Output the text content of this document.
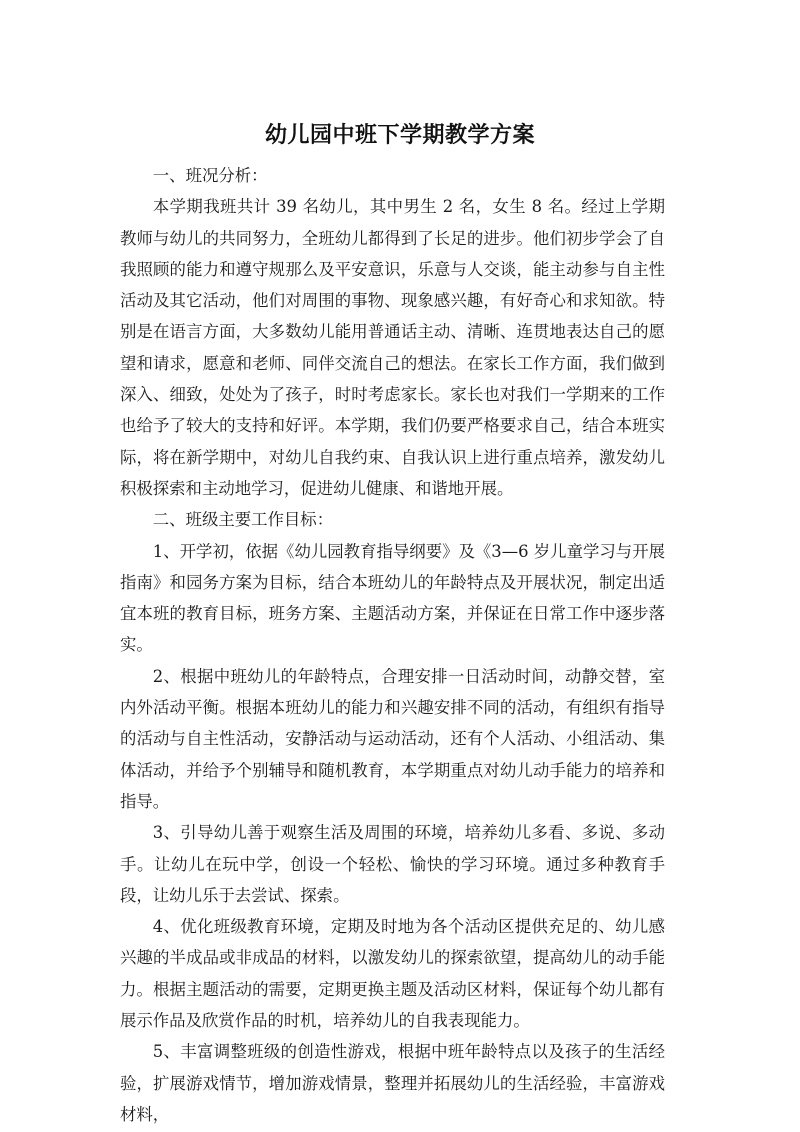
幼儿园中班下学期教学方案

一、班况分析：

本学期我班共计 39 名幼儿，其中男生 2 名，女生 8 名。经过上学期教师与幼儿的共同努力，全班幼儿都得到了长足的进步。他们初步学会了自我照顾的能力和遵守规那么及平安意识，乐意与人交谈，能主动参与自主性活动及其它活动，他们对周围的事物、现象感兴趣，有好奇心和求知欲。特别是在语言方面，大多数幼儿能用普通话主动、清晰、连贯地表达自己的愿望和请求，愿意和老师、同伴交流自己的想法。在家长工作方面，我们做到深入、细致，处处为了孩子，时时考虑家长。家长也对我们一学期来的工作也给予了较大的支持和好评。本学期，我们仍要严格要求自己，结合本班实际，将在新学期中，对幼儿自我约束、自我认识上进行重点培养，激发幼儿积极探索和主动地学习，促进幼儿健康、和谐地开展。

二、班级主要工作目标：

1、开学初，依据《幼儿园教育指导纲要》及《3—6 岁儿童学习与开展指南》和园务方案为目标，结合本班幼儿的年龄特点及开展状况，制定出适宜本班的教育目标，班务方案、主题活动方案，并保证在日常工作中逐步落实。

2、根据中班幼儿的年龄特点，合理安排一日活动时间，动静交替，室内外活动平衡。根据本班幼儿的能力和兴趣安排不同的活动，有组织有指导的活动与自主性活动，安静活动与运动活动，还有个人活动、小组活动、集体活动，并给予个别辅导和随机教育，本学期重点对幼儿动手能力的培养和指导。

3、引导幼儿善于观察生活及周围的环境，培养幼儿多看、多说、多动手。让幼儿在玩中学，创设一个轻松、愉快的学习环境。通过多种教育手段，让幼儿乐于去尝试、探索。

4、优化班级教育环境，定期及时地为各个活动区提供充足的、幼儿感兴趣的半成品或非成品的材料，以激发幼儿的探索欲望，提高幼儿的动手能力。根据主题活动的需要，定期更换主题及活动区材料，保证每个幼儿都有展示作品及欣赏作品的时机，培养幼儿的自我表现能力。

5、丰富调整班级的创造性游戏，根据中班年龄特点以及孩子的生活经验，扩展游戏情节，增加游戏情景，整理并拓展幼儿的生活经验，丰富游戏材料，
